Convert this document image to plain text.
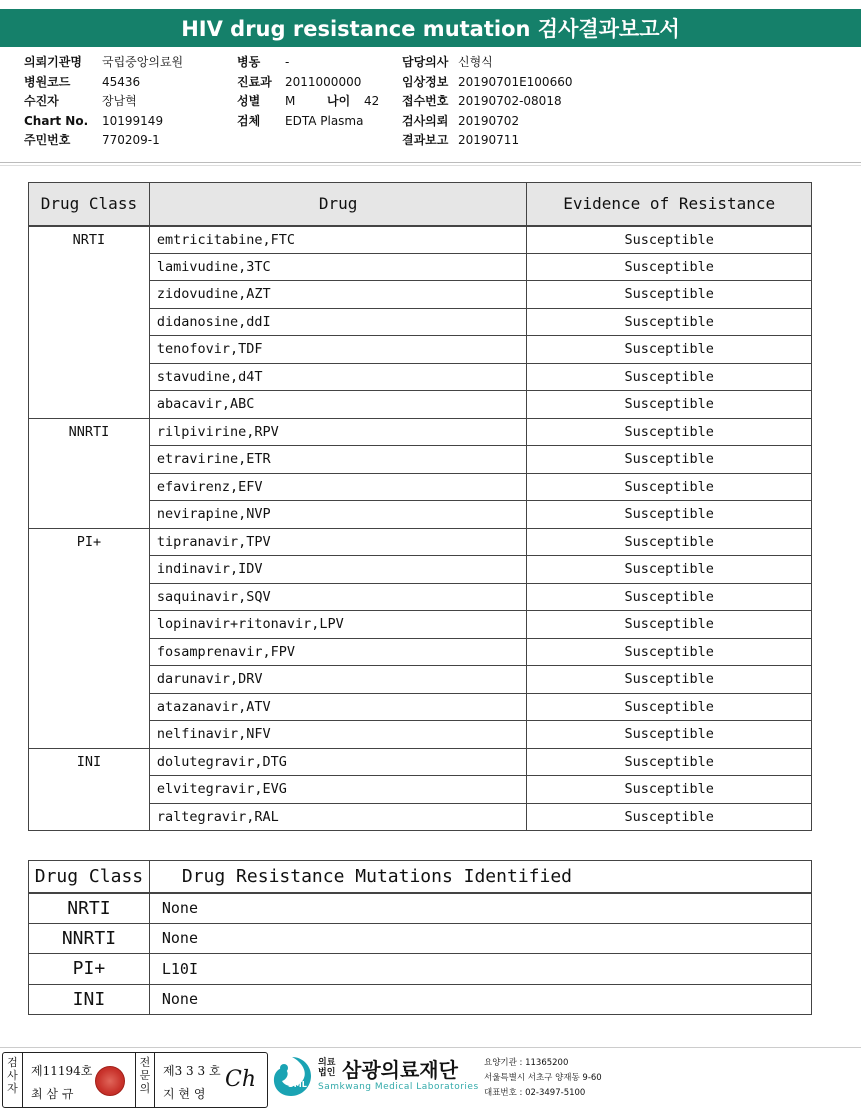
HIV drug resistance mutation 검사결과보고서
의뢰기관명 국립중앙의료원
병원코드	45436
수진자	장남혁
Chart No. 10199149
주민번호	770209-1
병동 -
진료과 2011000000
성별 M
검체 EDTA Plasma
담당의사 신형식
임상정보 20190701E100660
접수번호 20190702-08018
검사의뢰 20190702
결과보고 20190711
나이 42
Drug Class	Drug	Evidence of Resistance
NRTI	emtricitabine,FTC	Susceptible
	lamivudine,3TC	Susceptible
	zidovudine,AZT	Susceptible
	didanosine,ddI	Susceptible
	tenofovir,TDF	Susceptible
	stavudine,d4T	Susceptible
	abacavir,ABC	Susceptible
NNRTI	rilpivirine,RPV	Susceptible
	etravirine,ETR	Susceptible
	efavirenz,EFV	Susceptible
	nevirapine,NVP	Susceptible
PI+	tipranavir,TPV	Susceptible
	indinavir,IDV	Susceptible
	saquinavir,SQV	Susceptible
	lopinavir+ritonavir,LPV	Susceptible
	fosamprenavir,FPV	Susceptible
	darunavir,DRV	Susceptible
	atazanavir,ATV	Susceptible
	nelfinavir,NFV	Susceptible
INI	dolutegravir,DTG	Susceptible
	elvitegravir,EVG	Susceptible
	raltegravir,RAL	Susceptible
Drug Class	Drug Resistance Mutations Identified
NRTI	None
NNRTI	None
PI+	L10I
INI	None
검사자
제11194호
최 삼 규
전문의
제3 3 3 호
지 현 영
Ch	SML
의료법인 삼광의료재단
Samkwang Medical Laboratories
요양기관 : 11365200
서울특별시 서초구 양재동 9-60
대표번호 : 02-3497-5100
